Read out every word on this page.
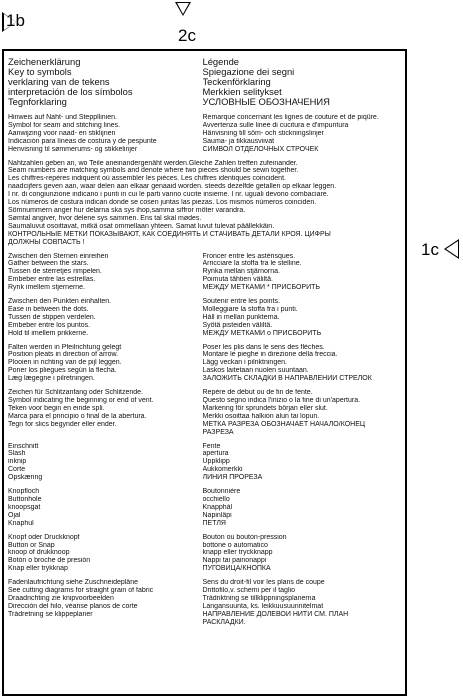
1b
2c
1c
Zeichenerklärung
Key to symbols
verklaring van de tekens
interpretación de los símbolos
Tegnforklaring
Légende
Spiegazione dei segni
Teckenförklaring
Merkkien selitykset
УСЛОВНЫЕ ОБОЗНАЧЕНИЯ
Hinweis auf Naht- und Steppllinien.
Symbol for seam and stitching lines.
Aanwijzing voor naad- en stiklijnen
Indicación para líneas de costura y de pespunte
Henvisning til sømmerums- og stikkelinjer
Remarque concernant les lignes de couture et de piqûre.
Avvertenza sulle linee di cucitura e d'impuntura
Hänvisning till söm- och stickningslinjer
Sauma- ja tikkausviivat
СИМВОЛ ОТДЕЛОЧНЫХ СТРОЧЕК
Nahtzahlen geben an, wo Teile aneinandergenäht werden.Gleiche Zahlen treffen zufeinander.
Seam numbers are matching symbols and denote where two pieces should be sewn together.
Les chiffres-repères indiquent où assembler les pièces. Les chiffres identiques coincident.
naadcijfers geven aan, waar delen aan elkaar genaaid worden. steeds dezelfde getallen op elkaar leggen.
I nr. di congiunzione indicano i punti in cui le parti vanno cucite insieme. I nr. uguali devono combaciare.
Los números de costura indican donde se cosen juntas las piezas. Los mismos números coinciden.
Sömnummern anger hur delarna ska sys ihop,samma siffror möter varandra.
Sømtal angiver, hvor delene sys sammen. Ens tal skal mødes.
Saumaluvut osoittavat, mitkä osat ommellaan yhteen. Samat luvut tulevat päällekkäin.
КОНТРОЛЬНЫЕ МЕТКИ ПОКАЗЫВАЮТ, КАК СОЕДИНЯТЬ И СТАЧИВАТЬ ДЕТАЛИ КРОЯ. ЦИФРЫ
ДОЛЖНЫ СОВПАСТЬ !
Zwischen den Sternen einreihen
Gather between the stars.
Tussen de sterretjes rimpelen.
Embeber entre las estrellas.
Rynk imellem stjernerne.
Froncer entre les astérisques.
Arricciare la stoffa fra le stelline.
Rynka mellan stjärnorna.
Poimuta tähtien väliltä.
МЕЖДУ МЕТКАМИ * ПРИСБОРИТЬ
Zwischen den Punkten einhalten.
Ease in between the dots.
Tussen de stippen verdelen.
Embeber entre los puntos.
Hold til imellem prikkerne.
Soutenir entre les points.
Molleggiare la stoffa fra i punti.
Håll in mellan punkterna.
Syötä pisteiden väliltä.
МЕЖДУ МЕТКАМИ о ПРИСБОРИТЬ
Falten werden in Pfeilrichtung gelegt
Position pleats in direction of arrow.
Plooien in richting van de pijl leggen.
Poner los pliegues según la flecha.
Læg lægegne i pilretningen.
Poser les plis dans le sens des flèches.
Montare le pieghe in direzione della freccia.
Lägg veckan i pilriktningen.
Laskos laitetaan nuolen suuntaan.
ЗАЛОЖИТЬ СКЛАДКИ В НАПРАВЛЕНИИ СТРЕЛОК
Zeichen für Schlitzanfang oder Schlitzende.
Symbol indicating the beginning or end of vent.
Teken voor begin en einde spli.
Marca para el principio o final de la abertura.
Tegn for slics begynder eller ender.
Repère de début ou de fin de fente.
Questo segno indica l'inizio o la fine di un'apertura.
Markering för sprundets början eller slut.
Merkki osoittaa halkion alun tai lopun.
МЕТКА РАЗРЕЗА ОБОЗНАЧАЕТ НАЧАЛО/КОНЕЦ
РАЗРЕЗА
Einschnitt
Slash
inknip
Corte
Opskæring
Fente
apertura
Uppklipp
Aukkomerkki
ЛИНИЯ ПРОРЕЗА
Knopfloch
Buttonhole
knoopsgat
Ojal
Knaphul
Boutonnière
occhiello
Knapphål
Napinläpi
ПЕТЛЯ
Knopf oder Druckknopf
Button or Snap
knoop of drukknoop
Botón o broche de presión
Knap eller trykknap
Bouton ou bouton-pression
bottone o automatico
knapp eller tryckknapp
Nappi tai painonappi
ПУГОВИЦА/КНОПКА
Fadenlaufrichtung siehe Zuschneidepläne
See cutting diagrams for straight grain of fabric
Draadrichting zie knipvoorbeelden
Dirección del hilo, véanse planos de corte
Trådretning se klippeplaner
Sens du droit-fil voir les plans de coupe
Drittofilo,v. schemi per il taglio
Trådriktning se tillklippningsplanerna
Langansuunta, ks. leikkuusuunnitelmat
НАПРАВЛЕНИЕ ДОЛЕВОЙ НИТИ СМ. ПЛАН
РАСКЛАДКИ.
